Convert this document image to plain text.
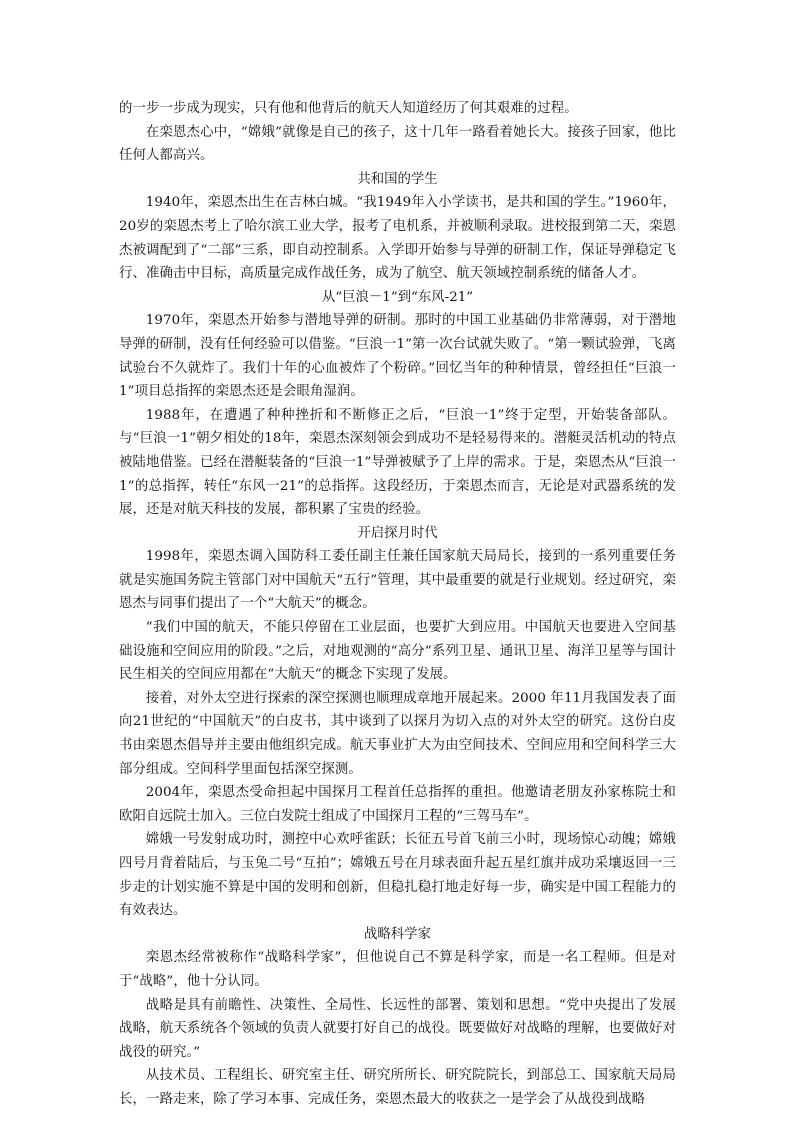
的一步一步成为现实，只有他和他背后的航天人知道经历了何其艰难的过程。

在栾恩杰心中，“嫦娥”就像是自己的孩子，这十几年一路看着她长大。接孩子回家，他比任何人都高兴。

共和国的学生

1940年，栾恩杰出生在吉林白城。“我1949年入小学读书，是共和国的学生。”1960年，20岁的栾恩杰考上了哈尔滨工业大学，报考了电机系，并被顺利录取。进校报到第二天，栾恩杰被调配到了“二部”三系，即自动控制系。入学即开始参与导弹的研制工作，保证导弹稳定飞行、准确击中目标，高质量完成作战任务，成为了航空、航天领域控制系统的储备人才。

从“巨浪－1”到“东风-21”

1970年，栾恩杰开始参与潜地导弹的研制。那时的中国工业基础仍非常薄弱，对于潜地导弹的研制，没有任何经验可以借鉴。“巨浪一1”第一次台试就失败了。“第一颗试验弹，飞离试验台不久就炸了。我们十年的心血被炸了个粉碎。”回忆当年的种种情景，曾经担任“巨浪一1”项目总指挥的栾恩杰还是会眼角湿润。

1988年，在遭遇了种种挫折和不断修正之后，“巨浪一1”终于定型，开始装备部队。与“巨浪一1”朝夕相处的18年，栾恩杰深刻领会到成功不是轻易得来的。潜艇灵活机动的特点被陆地借鉴。已经在潜艇装备的“巨浪一1”导弹被赋予了上岸的需求。于是，栾恩杰从“巨浪一 1”的总指挥，转任“东风一21”的总指挥。这段经历，于栾恩杰而言，无论是对武器系统的发展，还是对航天科技的发展，都积累了宝贵的经验。

开启探月时代

1998年，栾恩杰调入国防科工委任副主任兼任国家航天局局长，接到的一系列重要任务就是实施国务院主管部门对中国航天“五行”管理，其中最重要的就是行业规划。经过研究，栾恩杰与同事们提出了一个“大航天”的概念。

“我们中国的航天，不能只停留在工业层面，也要扩大到应用。中国航天也要进入空间基础设施和空间应用的阶段。”之后，对地观测的“高分”系列卫星、通讯卫星、海洋卫星等与国计民生相关的空间应用都在“大航天”的概念下实现了发展。

接着，对外太空进行探索的深空探测也顺理成章地开展起来。2000 年11月我国发表了面向21世纪的“中国航天”的白皮书，其中谈到了以探月为切入点的对外太空的研究。这份白皮书由栾恩杰倡导并主要由他组织完成。航天事业扩大为由空间技术、空间应用和空间科学三大部分组成。空间科学里面包括深空探测。

2004年，栾恩杰受命担起中国探月工程首任总指挥的重担。他邀请老朋友孙家栋院士和欧阳自远院士加入。三位白发院士组成了中国探月工程的“三驾马车”。

嫦娥一号发射成功时，测控中心欢呼雀跃；长征五号首飞前三小时，现场惊心动魄；嫦娥四号月背着陆后，与玉兔二号“互拍”；嫦娥五号在月球表面升起五星红旗并成功采壤返回一三 步走的计划实施不算是中国的发明和创新，但稳扎稳打地走好每一步，确实是中国工程能力的有效表达。

战略科学家

栾恩杰经常被称作“战略科学家”，但他说自己不算是科学家，而是一名工程师。但是对于“战略”，他十分认同。

战略是具有前瞻性、决策性、全局性、长远性的部署、策划和思想。“党中央提出了发展战略，航天系统各个领域的负责人就要打好自己的战役。既要做好对战略的理解，也要做好对战役的研究。”

从技术员、工程组长、研究室主任、研究所所长、研究院院长，到部总工、国家航天局局长，一路走来，除了学习本事、完成任务，栾恩杰最大的收获之一是学会了从战役到战略
